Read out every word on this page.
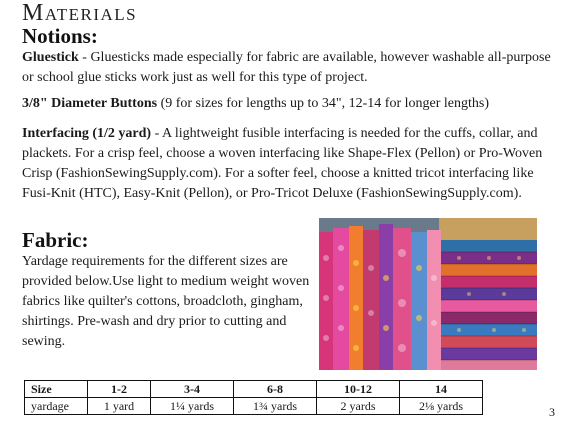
Materials
Notions:
Gluestick - Gluesticks made especially for fabric are available, however washable all-purpose or school glue sticks work just as well for this type of project.
3/8" Diameter Buttons (9 for sizes for lengths up to 34", 12-14 for longer lengths)
Interfacing (1/2 yard) - A lightweight fusible interfacing is needed for the cuffs, collar, and plackets. For a crisp feel, choose a woven interfacing like Shape-Flex (Pellon) or Pro-Woven Crisp (FashionSewingSupply.com). For a softer feel, choose a knitted tricot interfacing like Fusi-Knit (HTC), Easy-Knit (Pellon), or Pro-Tricot Deluxe (FashionSewingSupply.com).
Fabric:
Yardage requirements for the different sizes are provided below.Use light to medium weight woven fabrics like quilter's cottons, broadcloth, gingham, shirtings. Pre-wash and dry prior to cutting and sewing.
Size	1-2	3-4	6-8	10-12	14
yardage	1 yard	1¼ yards	1¾ yards	2 yards	2⅛ yards	3
